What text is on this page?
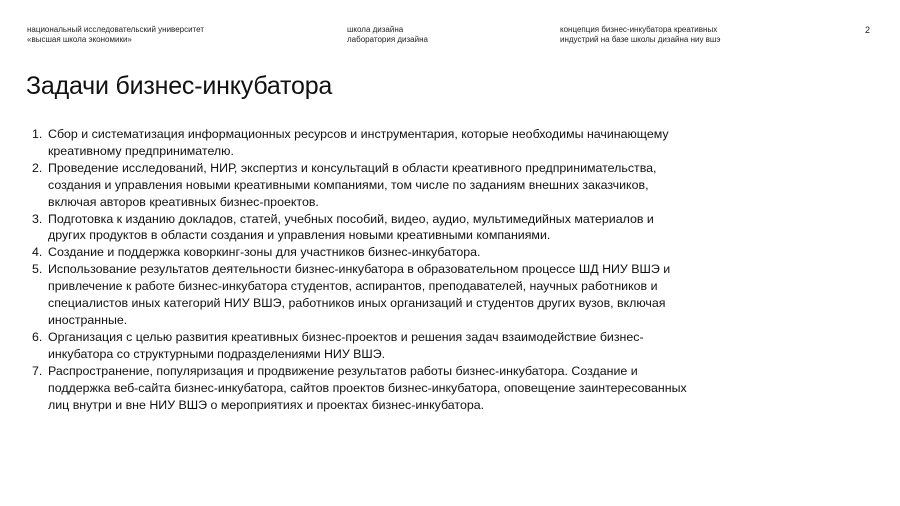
национальный исследовательский университет
«высшая школа экономики»
школа дизайна
лаборатория дизайна
концепция бизнес-инкубатора креативных
индустрий на базе школы дизайна ниу вшэ
2
Задачи бизнес-инкубатора
1. Сбор и систематизация информационных ресурсов и инструментария, которые необходимы начинающему креативному предпринимателю.
2. Проведение исследований, НИР, экспертиз и консультаций в области креативного предпринимательства, создания и управления новыми креативными компаниями, том числе по заданиям внешних заказчиков, включая авторов креативных бизнес-проектов.
3. Подготовка к изданию докладов, статей, учебных пособий, видео, аудио, мультимедийных материалов и других продуктов в области создания и управления новыми креативными компаниями.
4. Создание и поддержка коворкинг-зоны для участников бизнес-инкубатора.
5. Использование результатов деятельности бизнес-инкубатора в образовательном процессе ШД НИУ ВШЭ и привлечение к работе бизнес-инкубатора студентов, аспирантов, преподавателей, научных работников и специалистов иных категорий НИУ ВШЭ, работников иных организаций и студентов других вузов, включая иностранные.
6. Организация с целью развития креативных бизнес-проектов и решения задач взаимодействие бизнес-инкубатора со структурными подразделениями НИУ ВШЭ.
7. Распространение, популяризация и продвижение результатов работы бизнес-инкубатора. Создание и поддержка веб-сайта бизнес-инкубатора, сайтов проектов бизнес-инкубатора, оповещение заинтересованных лиц внутри и вне НИУ ВШЭ о мероприятиях и проектах бизнес-инкубатора.
